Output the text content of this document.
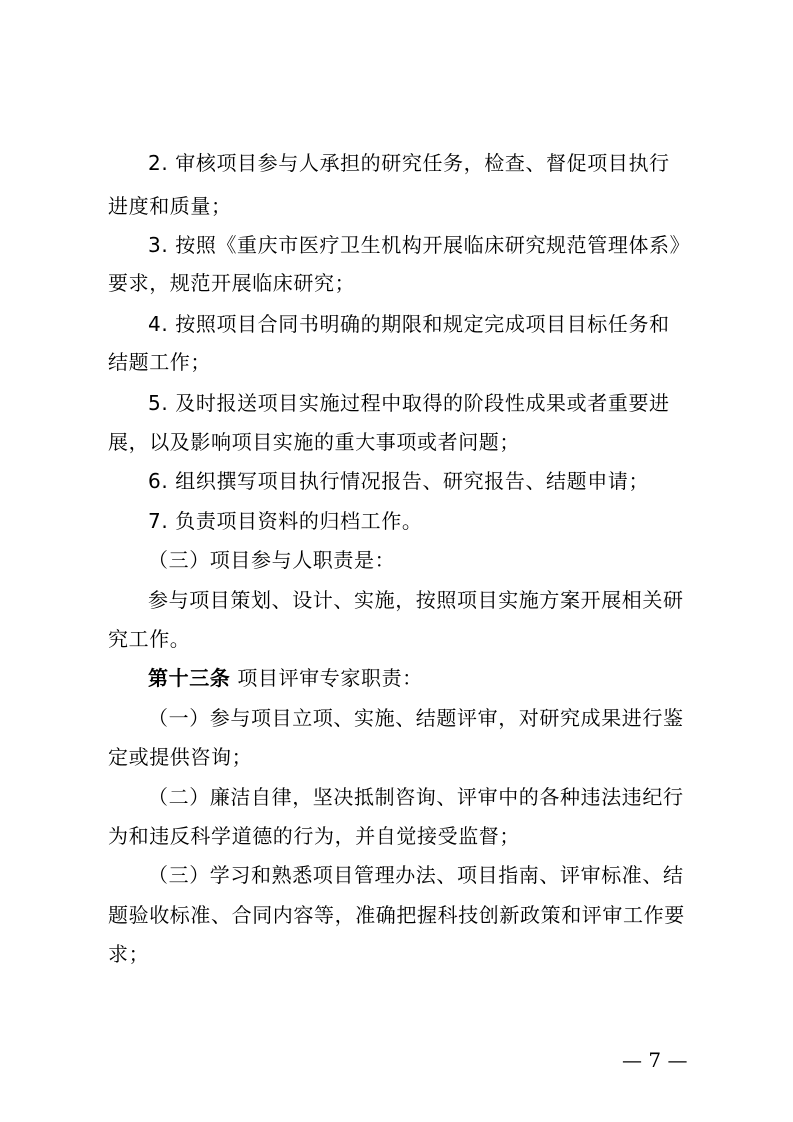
2. 审核项目参与人承担的研究任务，检查、督促项目执行
进度和质量；
3. 按照《重庆市医疗卫生机构开展临床研究规范管理体系》
要求，规范开展临床研究；
4. 按照项目合同书明确的期限和规定完成项目目标任务和
结题工作；
5. 及时报送项目实施过程中取得的阶段性成果或者重要进
展，以及影响项目实施的重大事项或者问题；
6. 组织撰写项目执行情况报告、研究报告、结题申请；
7. 负责项目资料的归档工作。
（三）项目参与人职责是：
参与项目策划、设计、实施，按照项目实施方案开展相关研
究工作。
第十三条 项目评审专家职责：
（一）参与项目立项、实施、结题评审，对研究成果进行鉴
定或提供咨询；
（二）廉洁自律，坚决抵制咨询、评审中的各种违法违纪行
为和违反科学道德的行为，并自觉接受监督；
（三）学习和熟悉项目管理办法、项目指南、评审标准、结
题验收标准、合同内容等，准确把握科技创新政策和评审工作要
求；
— 7 —
